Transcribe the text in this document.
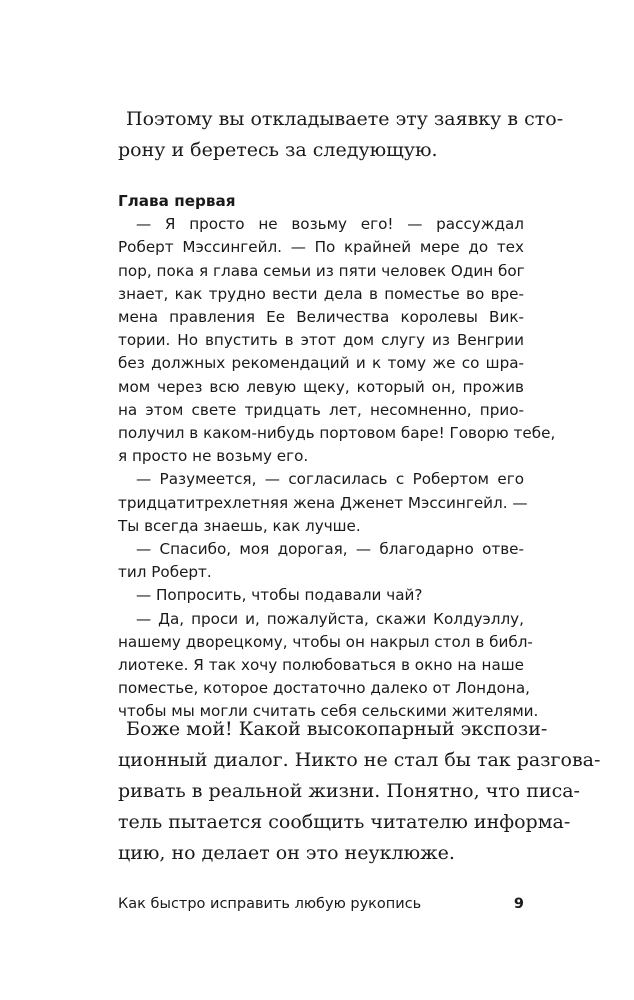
Поэтому вы откладываете эту заявку в сто-
рону и беретесь за следующую.
Глава первая
— Я просто не возьму его! — рассуждал
Роберт Мэссингейл. — По крайней мере до тех
пор, пока я глава семьи из пяти человек Один бог
знает, как трудно вести дела в поместье во вре-
мена правления Ее Величества королевы Вик-
тории. Но впустить в этот дом слугу из Венгрии
без должных рекомендаций и к тому же со шра-
мом через всю левую щеку, который он, прожив
на этом свете тридцать лет, несомненно, прио-
получил в каком-нибудь портовом баре! Говорю тебе,
я просто не возьму его.
— Разумеется, — согласилась с Робертом его
тридцатитрехлетняя жена Дженет Мэссингейл. —
Ты всегда знаешь, как лучше.
— Спасибо, моя дорогая, — благодарно отве-
тил Роберт.
— Попросить, чтобы подавали чай?
— Да, проси и, пожалуйста, скажи Колдуэллу,
нашему дворецкому, чтобы он накрыл стол в библ-
лиотеке. Я так хочу полюбоваться в окно на наше
поместье, которое достаточно далеко от Лондона,
чтобы мы могли считать себя сельскими жителями.
Боже мой! Какой высокопарный экспози-
ционный диалог. Никто не стал бы так разгова-
ривать в реальной жизни. Понятно, что писа-
тель пытается сообщить читателю информа-
цию, но делает он это неуклюже.
Как быстро исправить любую рукопись	9
